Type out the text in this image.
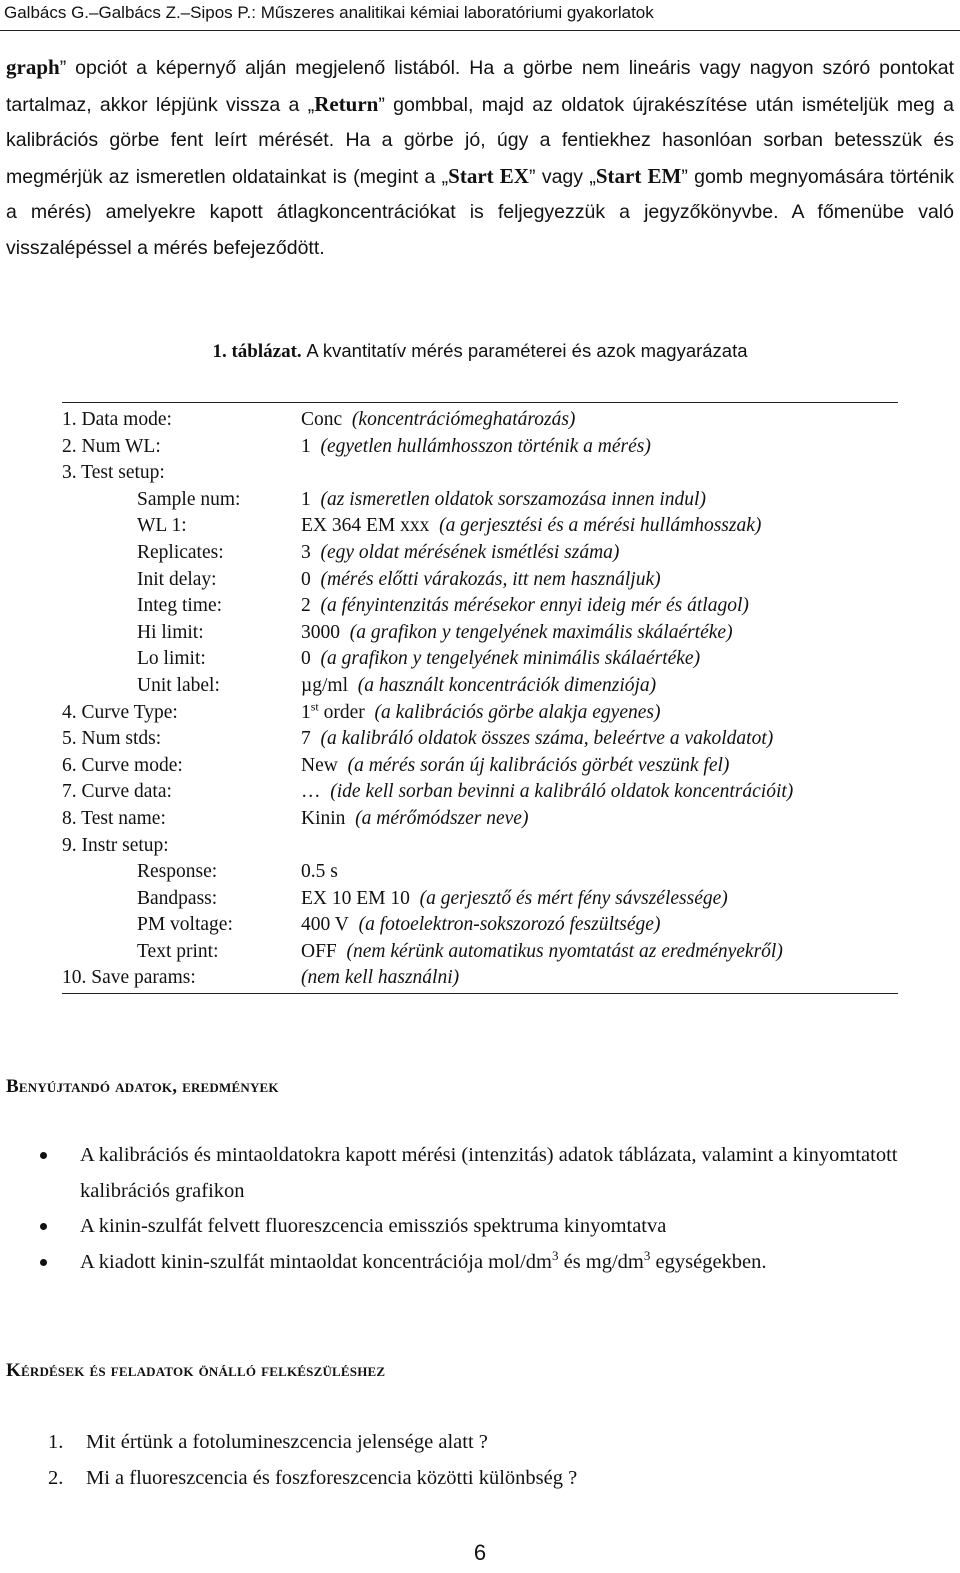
Galbács G.–Galbács Z.–Sipos P.: Műszeres analitikai kémiai laboratóriumi gyakorlatok

graph” opciót a képernyő alján megjelenő listából. Ha a görbe nem lineáris vagy nagyon szóró pontokat tartalmaz, akkor lépjünk vissza a „Return” gombbal, majd az oldatok újrakészítése után ismételjük meg a kalibrációs görbe fent leírt mérését. Ha a görbe jó, úgy a fentiekhez hasonlóan sorban betesszük és megmérjük az ismeretlen oldatainkat is (megint a „Start EX” vagy „Start EM” gomb megnyomására történik a mérés) amelyekre kapott átlagkoncentrációkat is feljegyezzük a jegyzőkönyvbe. A főmenübe való visszalépéssel a mérés befejeződött.

1. táblázat. A kvantitatív mérés paraméterei és azok magyarázata
1. Data mode:	Conc (koncentrációmeghatározás)
2. Num WL:	1 (egyetlen hullámhosszon történik a mérés)
3. Test setup:
Sample num:	1 (az ismeretlen oldatok sorszamozása innen indul)
WL 1:	EX 364 EM xxx (a gerjesztési és a mérési hullámhosszak)
Replicates:	3 (egy oldat mérésének ismétlési száma)
Init delay:	0 (mérés előtti várakozás, itt nem használjuk)
Integ time:	2 (a fényintenzitás mérésekor ennyi ideig mér és átlagol)
Hi limit:	3000 (a grafikon y tengelyének maximális skálaértéke)
Lo limit:	0 (a grafikon y tengelyének minimális skálaértéke)
Unit label:	µg/ml (a használt koncentrációk dimenziója)
4. Curve Type:	1st order (a kalibrációs görbe alakja egyenes)
5. Num stds:	7 (a kalibráló oldatok összes száma, beleértve a vakoldatot)
6. Curve mode:	New (a mérés során új kalibrációs görbét veszünk fel)
7. Curve data:	… (ide kell sorban bevinni a kalibráló oldatok koncentrációit)
8. Test name:	Kinin (a mérőmódszer neve)
9. Instr setup:
Response:	0.5 s
Bandpass:	EX 10 EM 10 (a gerjesztő és mért fény sávszélessége)
PM voltage:	400 V (a fotoelektron-sokszorozó feszültsége)
Text print:	OFF (nem kérünk automatikus nyomtatást az eredményekről)
10. Save params:	(nem kell használni)
Benyújtandó adatok, eredmények
A kalibrációs és mintaoldatokra kapott mérési (intenzitás) adatok táblázata, valamint a kinyomtatott kalibrációs grafikon
A kinin-szulfát felvett fluoreszcencia emissziós spektruma kinyomtatva
A kiadott kinin-szulfát mintaoldat koncentrációja mol/$dm^3$ és $mg/dm^3$ egységekben.
Kérdések és feladatok önálló felkészüléshez
1. Mit értünk a fotolumineszcencia jelensége alatt ?
2. Mi a fluoreszcencia és foszforeszcencia közötti különbség ?
6
